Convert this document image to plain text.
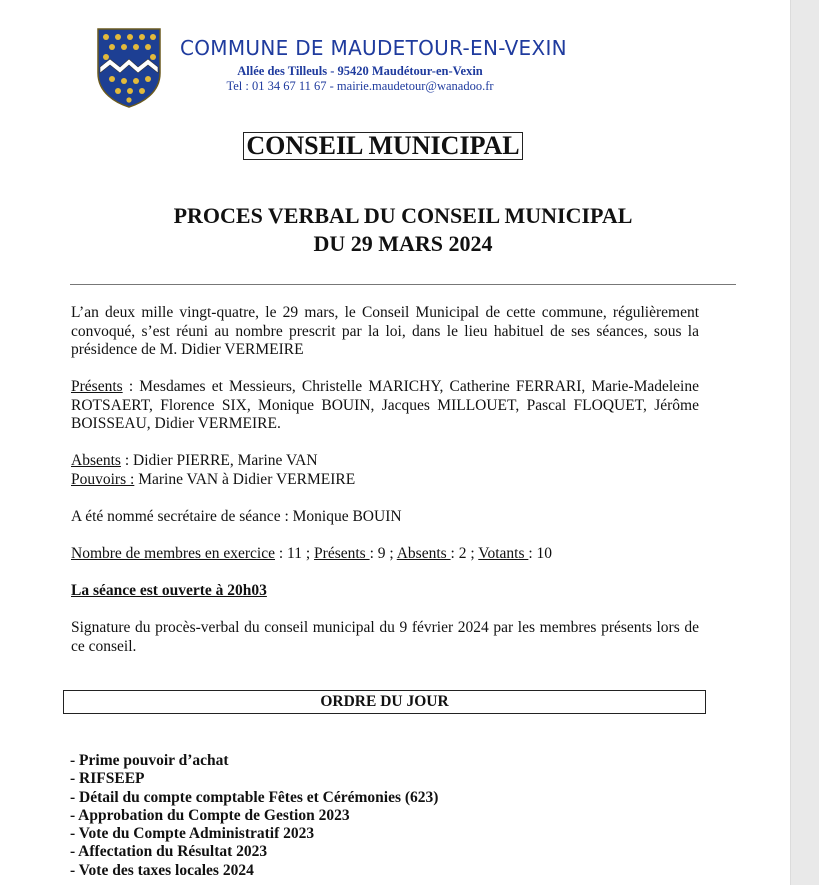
COMMUNE DE MAUDETOUR-EN-VEXIN
Allée des Tilleuls - 95420 Maudétour-en-Vexin
Tel : 01 34 67 11 67 - mairie.maudetour@wanadoo.fr
CONSEIL MUNICIPAL
PROCES VERBAL DU CONSEIL MUNICIPAL
DU 29 MARS 2024
L’an deux mille vingt-quatre, le 29 mars, le Conseil Municipal de cette commune, régulièrement convoqué, s’est réuni au nombre prescrit par la loi, dans le lieu habituel de ses séances, sous la présidence de M. Didier VERMEIRE
Présents : Mesdames et Messieurs, Christelle MARICHY, Catherine FERRARI, Marie-Madeleine ROTSAERT, Florence SIX, Monique BOUIN, Jacques MILLOUET, Pascal FLOQUET, Jérôme BOISSEAU, Didier VERMEIRE.
Absents : Didier PIERRE, Marine VAN
Pouvoirs : Marine VAN à Didier VERMEIRE
A été nommé secrétaire de séance : Monique BOUIN
Nombre de membres en exercice : 11 ; Présents : 9 ; Absents : 2 ; Votants : 10
La séance est ouverte à 20h03
Signature du procès-verbal du conseil municipal du 9 février 2024 par les membres présents lors de ce conseil.
ORDRE DU JOUR
- Prime pouvoir d’achat
- RIFSEEP
- Détail du compte comptable Fêtes et Cérémonies (623)
- Approbation du Compte de Gestion 2023
- Vote du Compte Administratif 2023
- Affectation du Résultat 2023
- Vote des taxes locales 2024
